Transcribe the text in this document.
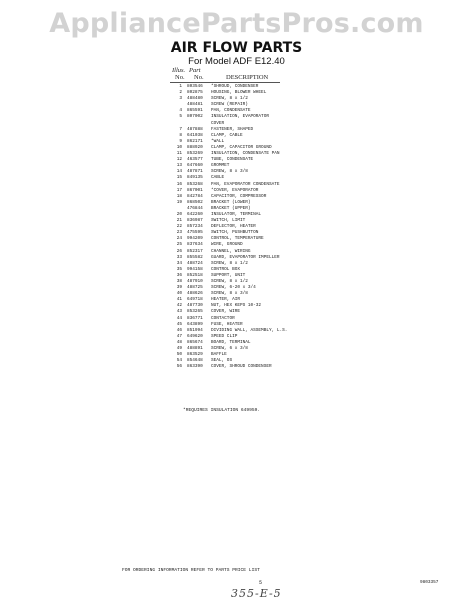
AppliancePartsPros.com
AIR FLOW PARTS
For Model ADF E12.40
Illus. Part
No. No.	DESCRIPTION
1 803546 *SHROUD, CONDENSER
2 802875 HOUSING, BLOWER WHEEL
3 488480 SCREW, 8 x 1/2
488481 SCREW (REPAIR)
4 865591 PAN, CONDENSATE
5 807002 INSULATION, EVAPORATOR
COVER
7 487888 FASTENER, SHAPED
8 641038 CLAMP, CABLE
9 862171 *WALL
10 888920 CLAMP, CAPACITOR GROUND
11 853269 INSULATION, CONDENSATE PAN
12 463577 TUBE, CONDENSATE
13 647660 GROMMET
14 487871 SCREW, 8 x 3/8
15 849135 CABLE
16 853268 PAN, EVAPORATOR CONDENSATE
17 867001 *COVER, EVAPORATOR
18 842784 CAPACITOR, COMPRESSOR
19 868502 BRACKET (LOWER)
476844 BRACKET (UPPER)
20 642260 INSULATOR, TERMINAL
21 836987 SWITCH, LIMIT
22 857234 DEFLECTOR, HEATER
23 475595 SWITCH, PUSHBUTTON
24 994209 CONTROL, TEMPERATURE
25 837634 WIRE, GROUND
26 852317 CHANNEL, WIRING
33 855582 GUARD, EVAPORATOR IMPELLER
34 488724 SCREW, 8 x 1/2
35 994158 CONTROL BOX
36 852518 SUPPORT, UNIT
38 487910 SCREW, 8 x 1/2
39 488725 SCREW, 6-20 x 3/4
40 488626 SCREW, 8 x 3/8
41 649718 HEATER, AIR
42 487730 NUT, HEX KEPS 10-32
43 853265 COVER, WIRE
44 836771 CONTACTOR
45 643899 FUSE, HEATER
46 851994 DIVIDING WALL, ASSEMBLY, L.S.
47 649620 SPEED CLIP
48 865674 BOARD, TERMINAL
49 488891 SCREW, 6 x 3/8
50 863529 BAFFLE
54 854648 SEAL, OS
56 863390 COVER, SHROUD CONDENSER
*REQUIRES INSULATION 649959.
FOR ORDERING INFORMATION REFER TO PARTS PRICE LIST
5	9803357
355-E-5
